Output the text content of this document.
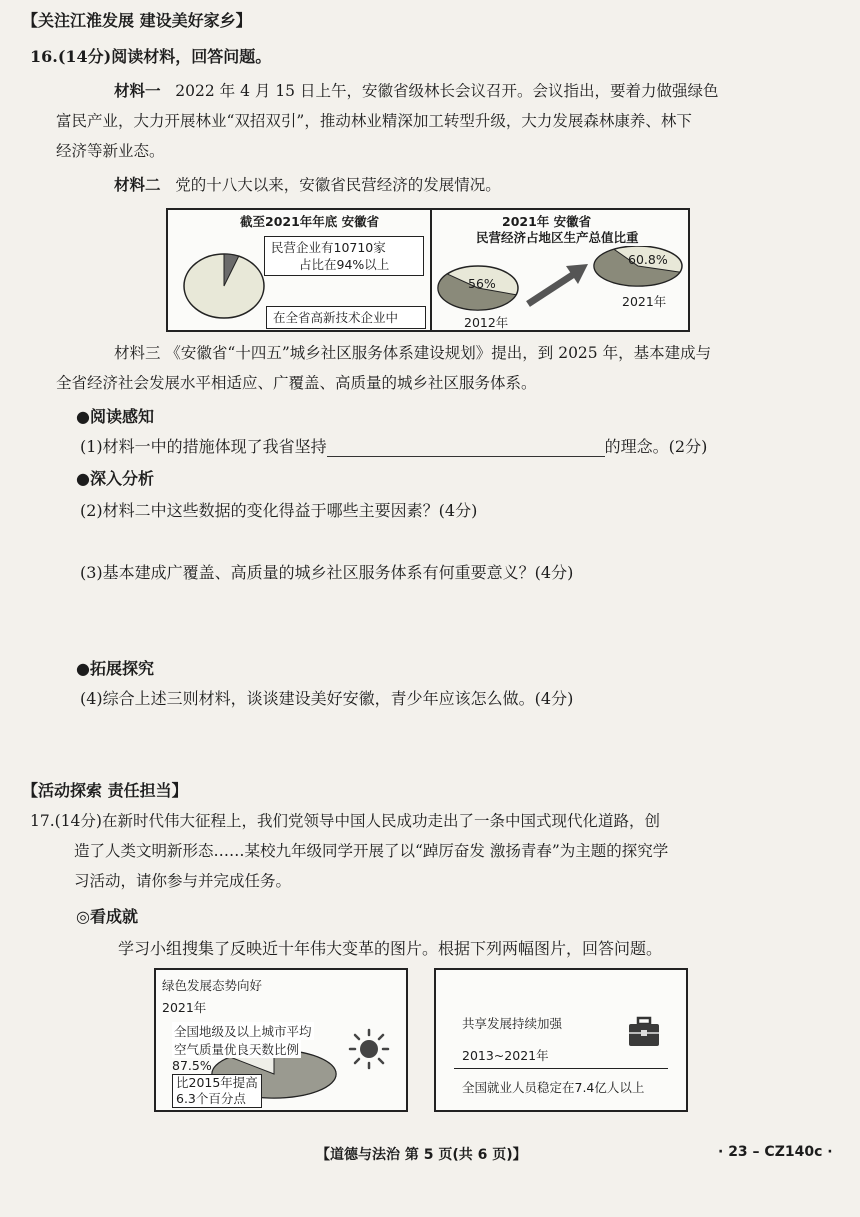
【关注江淮发展 建设美好家乡】
16.(14分)阅读材料，回答问题。
材料一 2022 年 4 月 15 日上午，安徽省级林长会议召开。会议指出，要着力做强绿色
富民产业，大力开展林业“双招双引”，推动林业精深加工转型升级，大力发展森林康养、林下
经济等新业态。
材料二 党的十八大以来，安徽省民营经济的发展情况。
截至2021年年底 安徽省
民营企业有10710家
占比在94%以上
在全省高新技术企业中
2021年 安徽省
民营经济占地区生产总值比重
56%
60.8%
2012年
2021年
材料三 《安徽省“十四五”城乡社区服务体系建设规划》提出，到 2025 年，基本建成与
全省经济社会发展水平相适应、广覆盖、高质量的城乡社区服务体系。
●阅读感知
(1)材料一中的措施体现了我省坚持	的理念。(2分)
●深入分析
(2)材料二中这些数据的变化得益于哪些主要因素？(4分)
(3)基本建成广覆盖、高质量的城乡社区服务体系有何重要意义？(4分)
●拓展探究
(4)综合上述三则材料，谈谈建设美好安徽，青少年应该怎么做。(4分)
【活动探索 责任担当】
17.(14分)在新时代伟大征程上，我们党领导中国人民成功走出了一条中国式现代化道路，创
造了人类文明新形态……某校九年级同学开展了以“踔厉奋发 激扬青春”为主题的探究学
习活动，请你参与并完成任务。
◎看成就
学习小组搜集了反映近十年伟大变革的图片。根据下列两幅图片，回答问题。
绿色发展态势向好
2021年
全国地级及以上城市平均
空气质量优良天数比例
87.5%
比2015年提高
6.3个百分点
共享发展持续加强
2013~2021年
全国就业人员稳定在7.4亿人以上
【道德与法治 第 5 页(共 6 页)】	· 23 – CZ140c ·
